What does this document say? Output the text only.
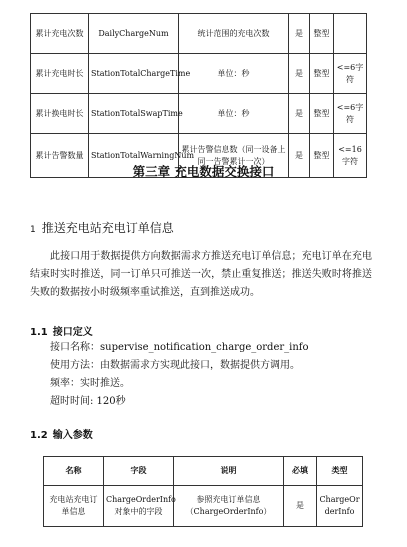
累计充电次数	DailyChargeNum	统计范围的充电次数	是	整型	
累计充电时长	StationTotalChargeTime	单位：秒	是	整型	<=6字符
累计换电时长	StationTotalSwapTime	单位：秒	是	整型	<=6字符
累计告警数量	StationTotalWarningNum	累计告警信息数（同一设备上同一告警累计一次）	是	整型	<=16字符
第三章 充电数据交换接口
1 推送充电站充电订单信息
此接口用于数据提供方向数据需求方推送充电订单信息；充电订单在充电结束时实时推送，同一订单只可推送一次，禁止重复推送；推送失败时将推送失败的数据按小时级频率重试推送，直到推送成功。
1.1 接口定义
接口名称：supervise_notification_charge_order_info
使用方法：由数据需求方实现此接口，数据提供方调用。
频率：实时推送。
超时时间: 120秒
1.2 输入参数
名称	字段	说明	必填	类型
充电站充电订单信息	ChargeOrderInfo对象中的字段	参照充电订单信息（ChargeOrderInfo）	是	ChargeOrderInfo
